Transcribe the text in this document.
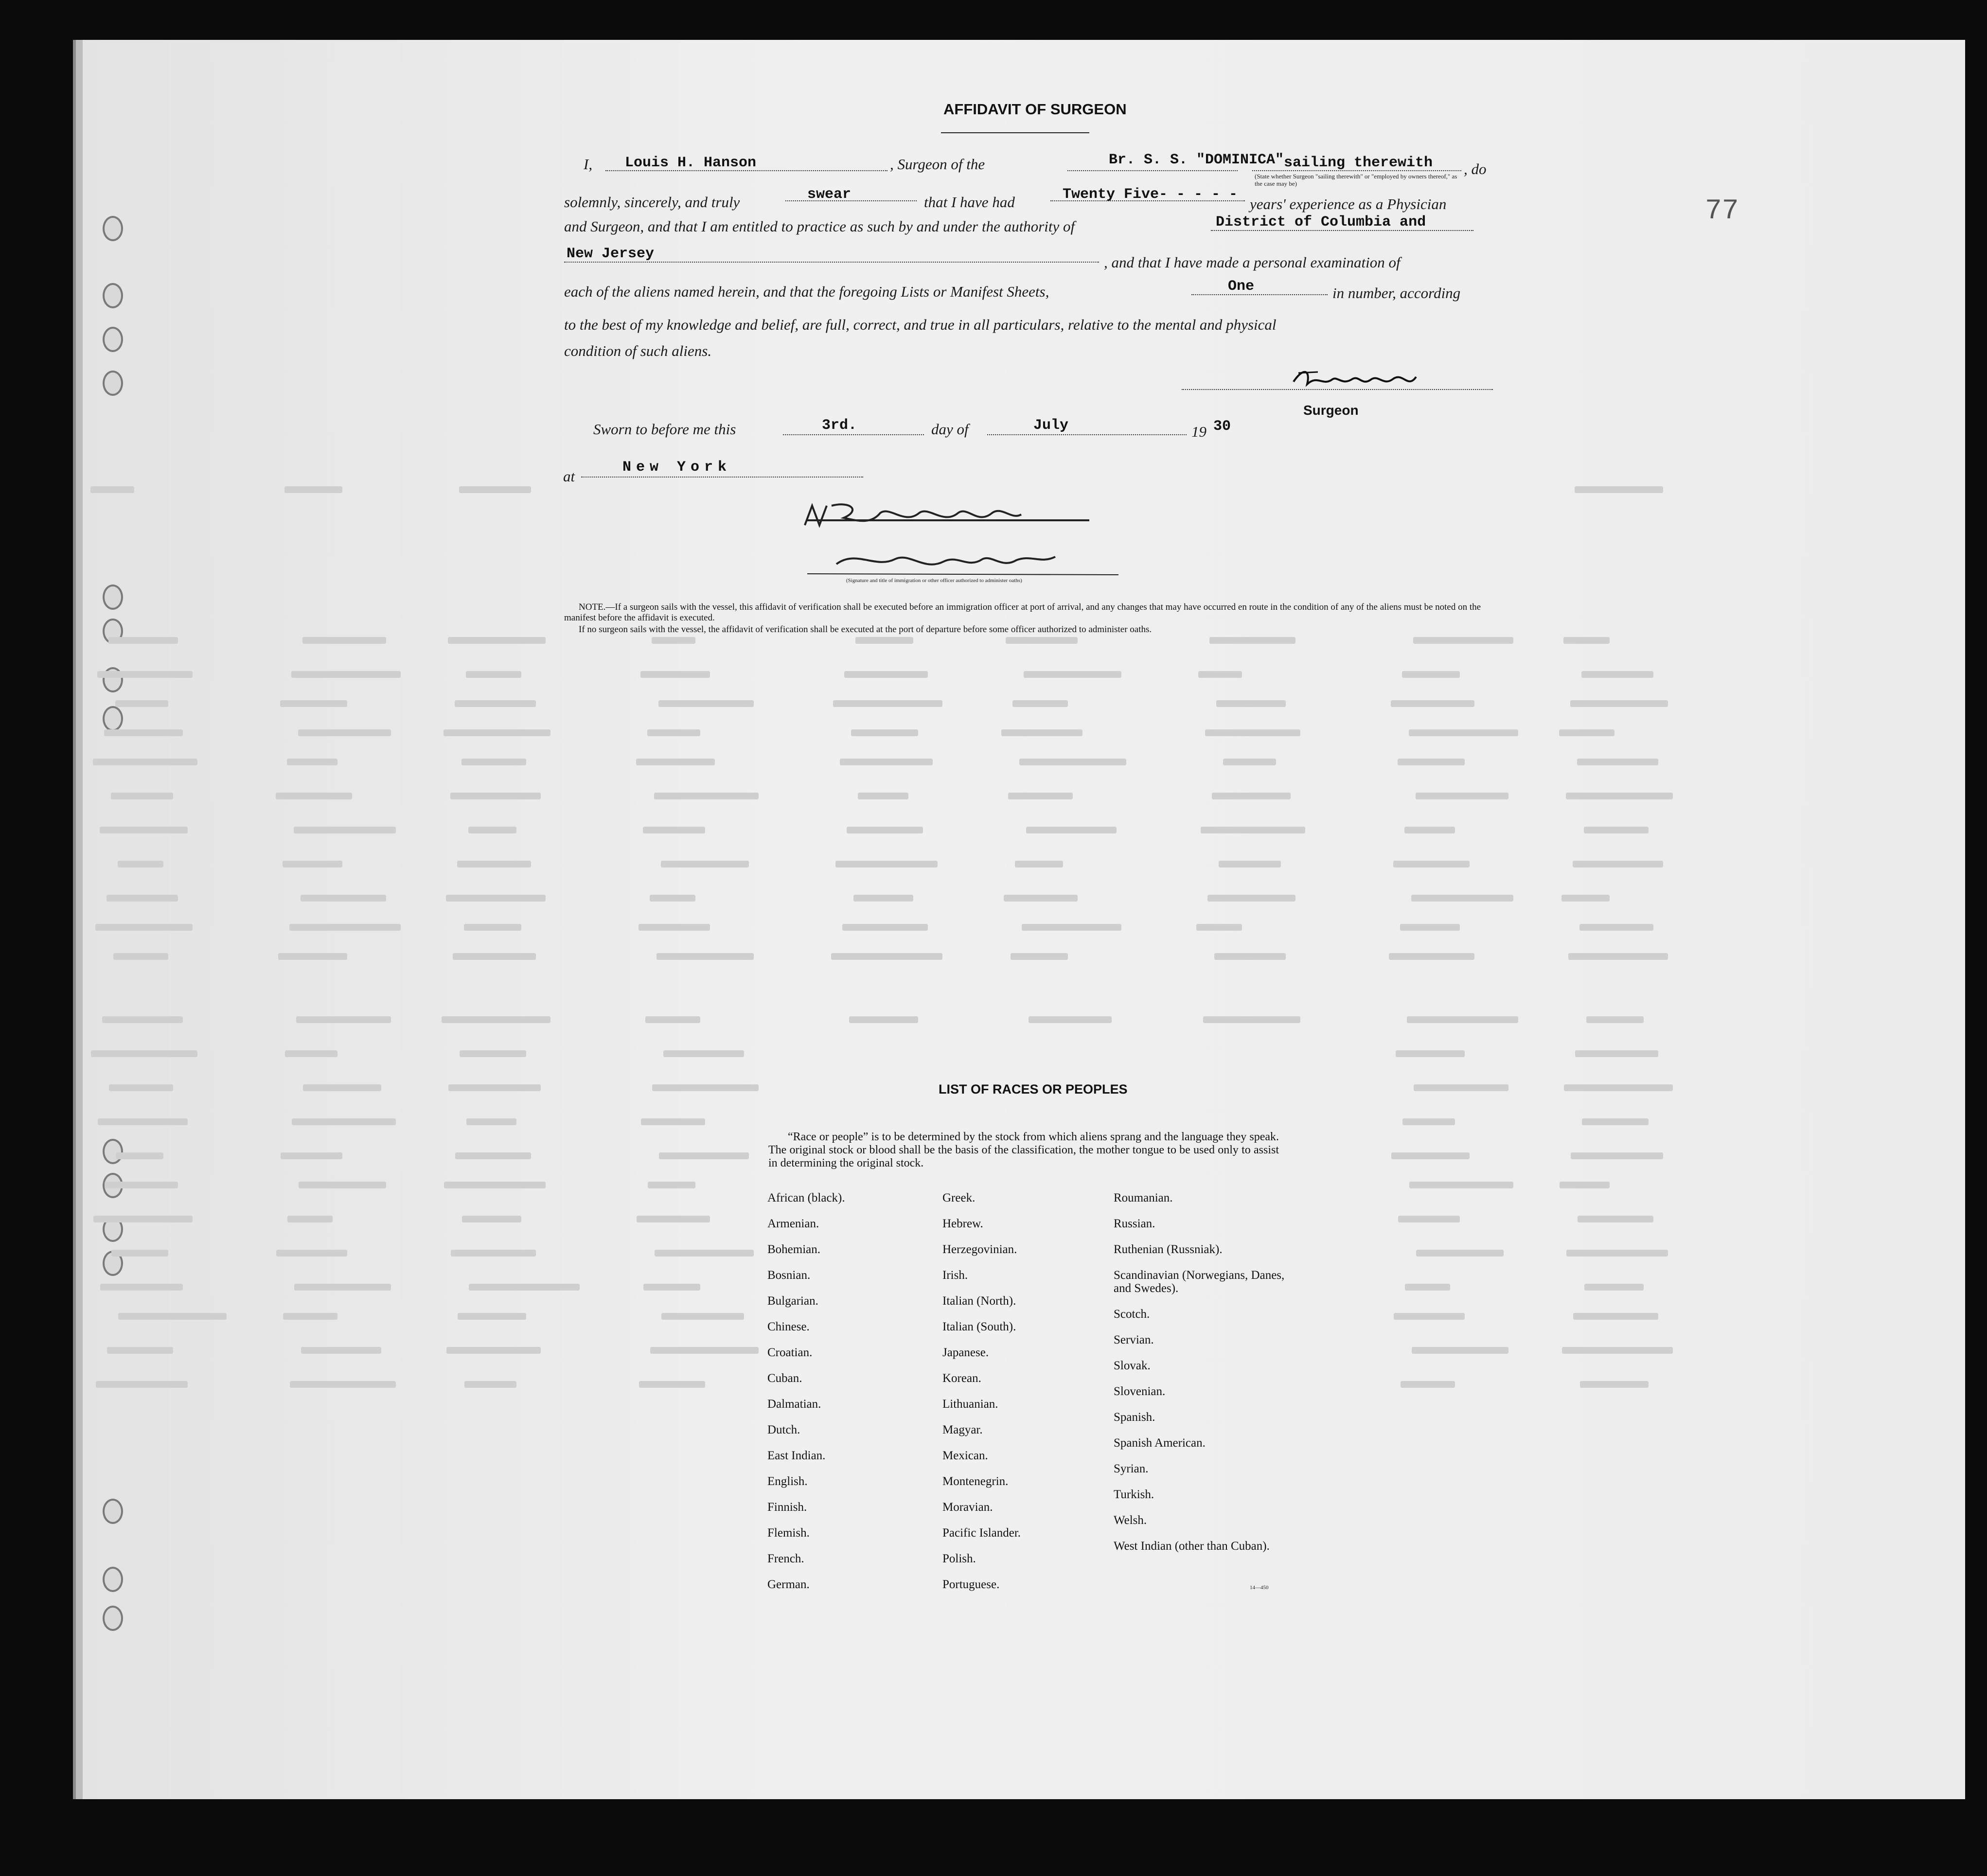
77
AFFIDAVIT OF SURGEON
I, Louis H. Hanson	, Surgeon of the	Br. S. S. "DOMINICA" sailing therewith , do
(State whether Surgeon "sailing therewith" or "employed by owners thereof," as the case may be)
solemnly, sincerely, and truly	swear	that I have had	Twenty Five- - - - -
years' experience as a Physician
and Surgeon, and that I am entitled to practice as such by and under the authority of	District of Columbia and
New Jersey	, and that I have made a personal examination of
each of the aliens named herein, and that the foregoing Lists or Manifest Sheets,	One	in number, according
to the best of my knowledge and belief, are full, correct, and true in all particulars, relative to the mental and physical
condition of such aliens.
Surgeon
Sworn to before me this	3rd.	day of	July	19 30
at
New York
(Signature and title of immigration or other officer authorized to administer oaths)
NOTE.—If a surgeon sails with the vessel, this affidavit of verification shall be executed before an immigration officer at port of arrival, and any changes that may have occurred en route in the condition of any of the aliens must be noted on the manifest before the affidavit is executed.
If no surgeon sails with the vessel, the affidavit of verification shall be executed at the port of departure before some officer authorized to administer oaths.
LIST OF RACES OR PEOPLES
“Race or people” is to be determined by the stock from which aliens sprang and the language they speak. The original stock or blood shall be the basis of the classification, the mother tongue to be used only to assist in determining the original stock.
African (black).
Armenian.
Bohemian.
Bosnian.
Bulgarian.
Chinese.
Croatian.
Cuban.
Dalmatian.
Dutch.
East Indian.
English.
Finnish.
Flemish.
French.
German.
Greek.
Hebrew.
Herzegovinian.
Irish.
Italian (North).
Italian (South).
Japanese.
Korean.
Lithuanian.
Magyar.
Mexican.
Montenegrin.
Moravian.
Pacific Islander.
Polish.
Portuguese.
Roumanian.
Russian.
Ruthenian (Russniak).
Scandinavian (Norwegians, Danes, and Swedes).
Scotch.
Servian.
Slovak.
Slovenian.
Spanish.
Spanish American.
Syrian.
Turkish.
Welsh.
West Indian (other than Cuban).
14—450
